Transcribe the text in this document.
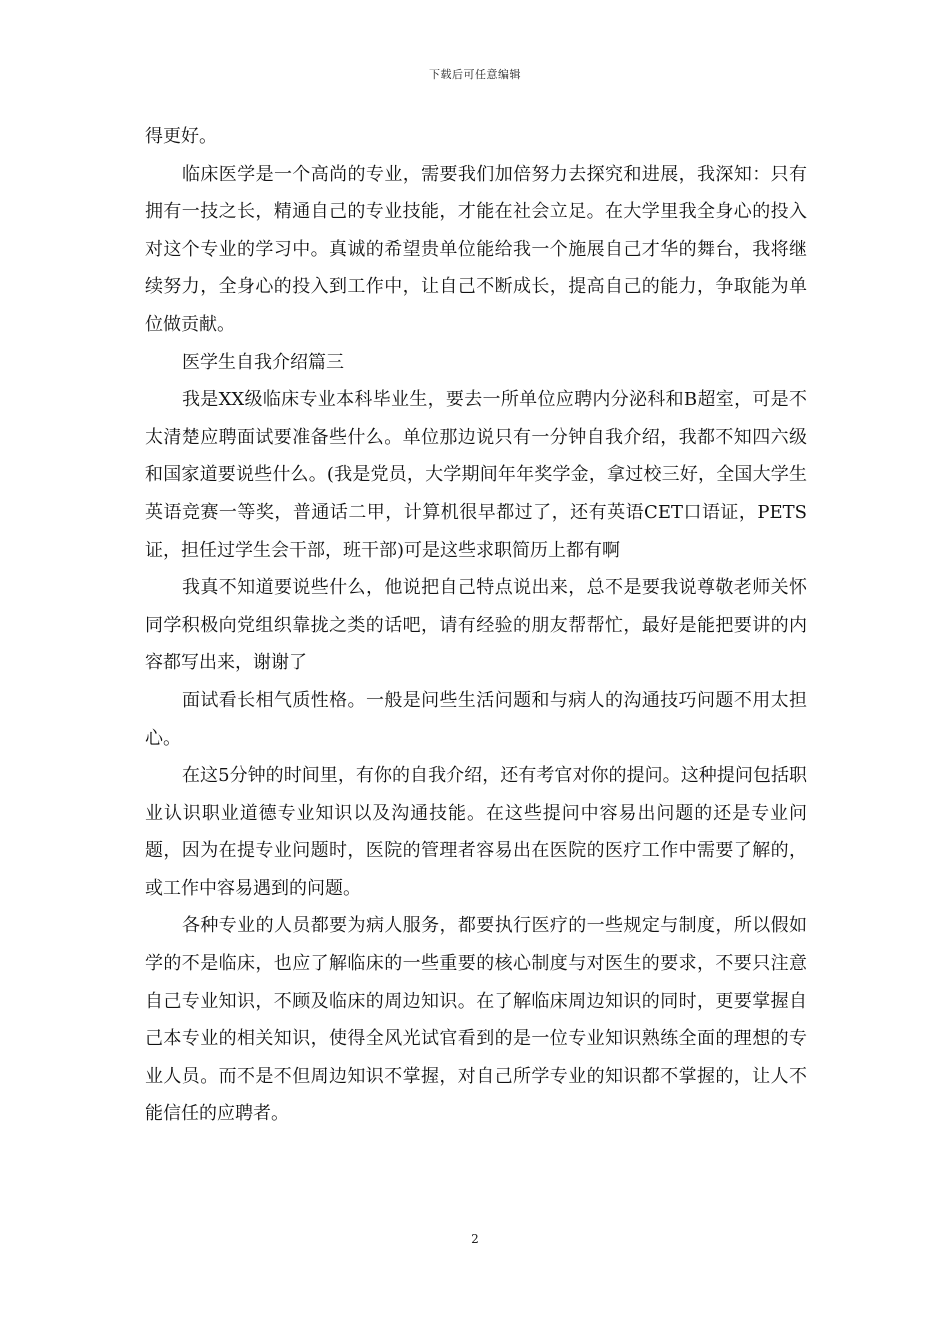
下载后可任意编辑

得更好。

临床医学是一个高尚的专业，需要我们加倍努力去探究和进展，我深知：只有拥有一技之长，精通自己的专业技能，才能在社会立足。在大学里我全身心的投入对这个专业的学习中。真诚的希望贵单位能给我一个施展自己才华的舞台，我将继续努力，全身心的投入到工作中，让自己不断成长，提高自己的能力，争取能为单位做贡献。

医学生自我介绍篇三

我是XX级临床专业本科毕业生，要去一所单位应聘内分泌科和B超室，可是不太清楚应聘面试要准备些什么。单位那边说只有一分钟自我介绍，我都不知四六级和国家道要说些什么。(我是党员，大学期间年年奖学金，拿过校三好，全国大学生英语竞赛一等奖，普通话二甲，计算机很早都过了，还有英语CET口语证，PETS证，担任过学生会干部，班干部)可是这些求职简历上都有啊

我真不知道要说些什么，他说把自己特点说出来，总不是要我说尊敬老师关怀同学积极向党组织靠拢之类的话吧，请有经验的朋友帮帮忙，最好是能把要讲的内容都写出来，谢谢了

面试看长相气质性格。一般是问些生活问题和与病人的沟通技巧问题不用太担心。

在这5分钟的时间里，有你的自我介绍，还有考官对你的提问。这种提问包括职业认识职业道德专业知识以及沟通技能。在这些提问中容易出问题的还是专业问题，因为在提专业问题时，医院的管理者容易出在医院的医疗工作中需要了解的，或工作中容易遇到的问题。

各种专业的人员都要为病人服务，都要执行医疗的一些规定与制度，所以假如学的不是临床，也应了解临床的一些重要的核心制度与对医生的要求，不要只注意自己专业知识，不顾及临床的周边知识。在了解临床周边知识的同时，更要掌握自己本专业的相关知识，使得全风光试官看到的是一位专业知识熟练全面的理想的专业人员。而不是不但周边知识不掌握，对自己所学专业的知识都不掌握的，让人不能信任的应聘者。

2
